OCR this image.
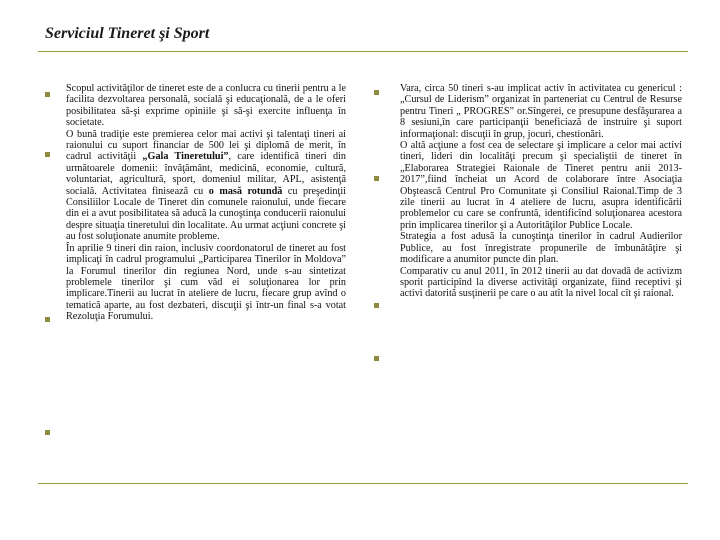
Serviciul Tineret şi Sport

Scopul activităţilor de tineret este de a conlucra cu tinerii pentru a le facilita dezvoltarea personală, socială şi educaţională, de a le oferi posibilitatea să-şi exprime opiniile şi să-şi exercite influenţa în societate.

O bună tradiţie este premierea celor mai activi şi talentaţi tineri ai raionului cu suport financiar de 500 lei şi diplomă de merit, în cadrul activităţii „Gala Tineretului”, care identifică tineri din următoarele domenii: învăţământ, medicină, economie, cultură, voluntariat, agricultură, sport, domeniul militar, APL, asistenţă socială. Activitatea finisează cu o masă rotundă cu preşedinţii Consiliilor Locale de Tineret din comunele raionului, unde fiecare din ei a avut posibilitatea să aducă la cunoştinţa conducerii raionului despre situaţia tineretului din localitate. Au urmat acţiuni concrete şi au fost soluţionate anumite probleme.

În aprilie 9 tineri din raion, inclusiv coordonatorul de tineret au fost implicaţi în cadrul programului „Participarea Tinerilor în Moldova” la Forumul tinerilor din regiunea Nord, unde s-au sintetizat problemele tinerilor şi cum văd ei soluţionarea lor prin implicare.Tinerii au lucrat în ateliere de lucru, fiecare grup avînd o tematică aparte, au fost dezbateri, discuţii şi într-un final s-a votat Rezoluţia Forumului.

Vara, circa 50 tineri s-au implicat activ în activitatea cu genericul : „Cursul de Liderism” organizat în parteneriat cu Centrul de Resurse pentru Tineri „ PROGRES” or.Sîngerei, ce presupune desfăşurarea a 8 sesiuni,în care participanţii beneficiază de instruire şi suport informaţional: discuţii în grup, jocuri, chestionări.

O altă acţiune a fost cea de selectare şi implicare a celor mai activi tineri, lideri din localităţi precum şi specialiştii de tineret în „Elaborarea Strategiei Raionale de Tineret pentru anii 2013-2017”,fiind încheiat un Acord de colaborare între Asociaţia Obştească Centrul Pro Comunitate şi Consiliul Raional.Timp de 3 zile tinerii au lucrat în 4 ateliere de lucru, asupra identificării problemelor cu care se confruntă, identificînd soluţionarea acestora prin implicarea tinerilor şi a Autorităţilor Publice Locale.

Strategia a fost adusă la cunoştinţa tinerilor în cadrul Audierilor Publice, au fost înregistrate propunerile de îmbunătăţire şi modificare a anumitor puncte din plan.

Comparativ cu anul 2011, în 2012 tinerii au dat dovadă de activizm sporit participînd la diverse activităţi organizate, fiind receptivi şi activi datorită susţinerii pe care o au atît la nivel local cît şi raional.
